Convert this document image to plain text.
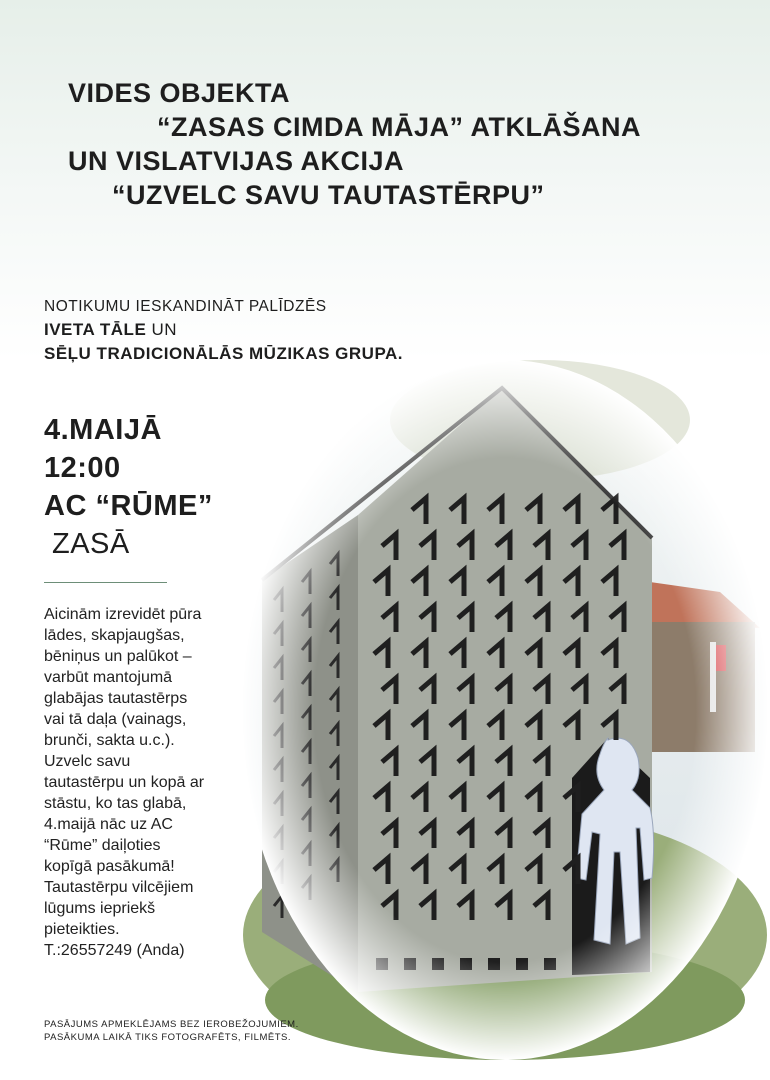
VIDES OBJEKTA
“ZASAS CIMDA MĀJA” ATKLĀŠANA
UN VISLATVIJAS AKCIJA
“UZVELC SAVU TAUTASTĒRPU”
NOTIKUMU IESKANDINĀT PALĪDZĒS
IVETA TĀLE UN
SĒĻU TRADICIONĀLĀS MŪZIKAS GRUPA.
4.MAIJĀ
12:00
AC “RŪME”
ZASĀ
Aicinām izrevidēt pūra
lādes, skapjaugšas,
bēniņus un palūkot –
varbūt mantojumā
glabājas tautastērps
vai tā daļa (vainags,
brunči, sakta u.c.).
Uzvelc savu
tautastērpu un kopā ar
stāstu, ko tas glabā,
4.maijā nāc uz AC
“Rūme” daiļoties
kopīgā pasākumā!
Tautastērpu vilcējiem
lūgums iepriekš
pieteikties.
T.:26557249 (Anda)
PASĀJUMS APMEKLĒJAMS BEZ IEROBEŽOJUMIEM.
PASĀKUMA LAIKĀ TIKS FOTOGRAFĒTS, FILMĒTS.
